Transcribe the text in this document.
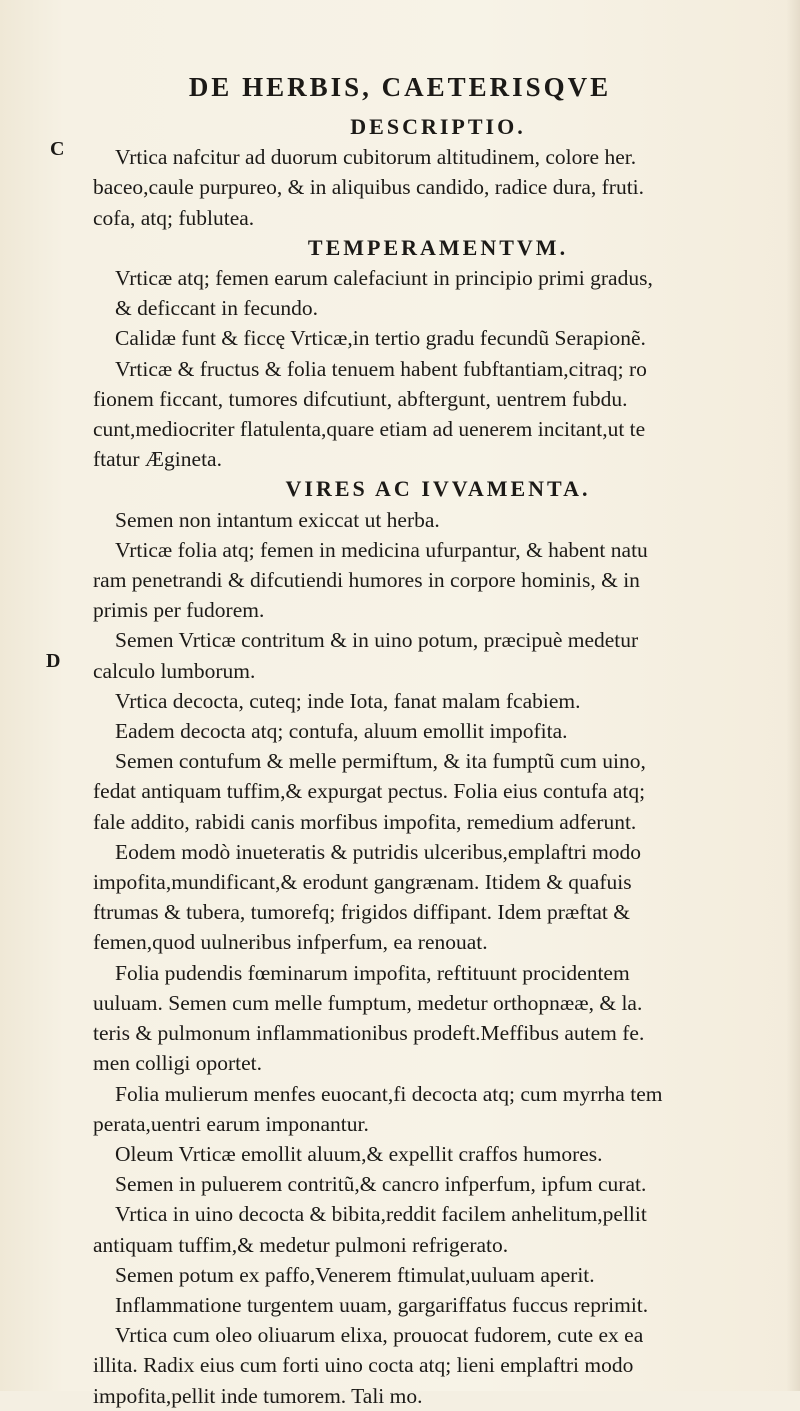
DE HERBIS, CAETERISQVE
C
D
DESCRIPTIO.
Vrtica nafcitur ad duorum cubitorum altitudinem, colore her.
baceo,caule purpureo, & in aliquibus candido, radice dura, fruti.
cofa, atq; fublutea.
TEMPERAMENTVM.
Vrticæ atq; femen earum calefaciunt in principio primi gradus,
& deficcant in fecundo.
Calidæ funt & ficcę Vrticæ,in tertio gradu fecundũ Serapionẽ.
Vrticæ & fructus & folia tenuem habent fubftantiam,citraq; ro
fionem ficcant, tumores difcutiunt, abftergunt, uentrem fubdu.
cunt,mediocriter flatulenta,quare etiam ad uenerem incitant,ut te
ftatur Ægineta.
VIRES AC IVVAMENTA.
Semen non intantum exiccat ut herba.
Vrticæ folia atq; femen in medicina ufurpantur, & habent natu
ram penetrandi & difcutiendi humores in corpore hominis, & in
primis per fudorem.
Semen Vrticæ contritum & in uino potum, præcipuè medetur
calculo lumborum.
Vrtica decocta, cuteq; inde Iota, fanat malam fcabiem.
Eadem decocta atq; contufa, aluum emollit impofita.
Semen contufum & melle permiftum, & ita fumptũ cum uino,
fedat antiquam tuffim,& expurgat pectus. Folia eius contufa atq;
fale addito, rabidi canis morfibus impofita, remedium adferunt.
Eodem modò inueteratis & putridis ulceribus,emplaftri modo
impofita,mundificant,& erodunt gangrænam. Itidem & quafuis
ftrumas & tubera, tumorefq; frigidos diffipant. Idem præftat &
femen,quod uulneribus infperfum, ea renouat.
Folia pudendis fœminarum impofita, reftituunt procidentem
uuluam. Semen cum melle fumptum, medetur orthopnææ, & la.
teris & pulmonum inflammationibus prodeft.Meffibus autem fe.
men colligi oportet.
Folia mulierum menfes euocant,fi decocta atq; cum myrrha tem
perata,uentri earum imponantur.
Oleum Vrticæ emollit aluum,& expellit craffos humores.
Semen in puluerem contritũ,& cancro infperfum, ipfum curat.
Vrtica in uino decocta & bibita,reddit facilem anhelitum,pellit
antiquam tuffim,& medetur pulmoni refrigerato.
Semen potum ex paffo,Venerem ftimulat,uuluam aperit.
Inflammatione turgentem uuam, gargariffatus fuccus reprimit.
Vrtica cum oleo oliuarum elixa, prouocat fudorem, cute ex ea
illita. Radix eius cum forti uino cocta atq; lieni emplaftri modo
impofita,pellit inde tumorem. Tali mo.
